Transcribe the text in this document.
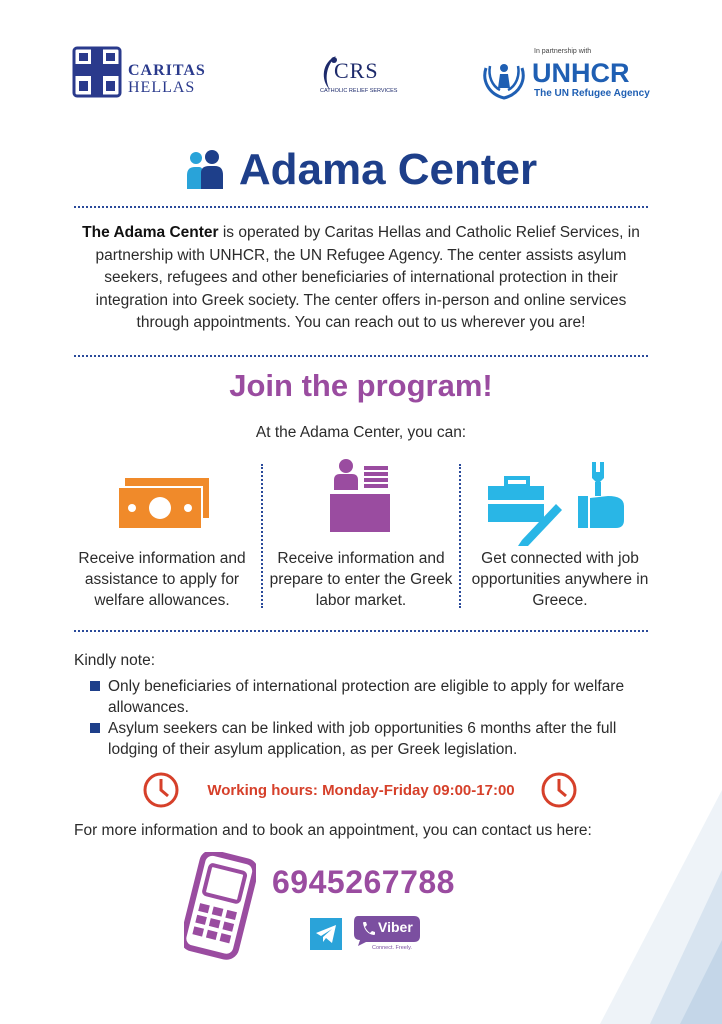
CARITAS
HELLAS
CRS
CATHOLIC RELIEF SERVICES
In partnership with
UNHCR
The UN Refugee Agency
Adama Center
The Adama Center is operated by Caritas Hellas and Catholic Relief Services, in partnership with UNHCR, the UN Refugee Agency. The center assists asylum seekers, refugees and other beneficiaries of international protection in their integration into Greek society. The center offers in-person and online services through appointments. You can reach out to us wherever you are!
Join the program!
At the Adama Center, you can:
Receive information and assistance to apply for welfare allowances.
Receive information and prepare to enter the Greek labor market.
Get connected with job opportunities anywhere in Greece.
Kindly note:
Only beneficiaries of international protection are eligible to apply for welfare allowances.
Asylum seekers can be linked with job opportunities 6 months after the full lodging of their asylum application, as per Greek legislation.
Working hours: Monday-Friday 09:00-17:00
For more information and to book an appointment, you can contact us here:
6945267788
Viber
Connect. Freely.
